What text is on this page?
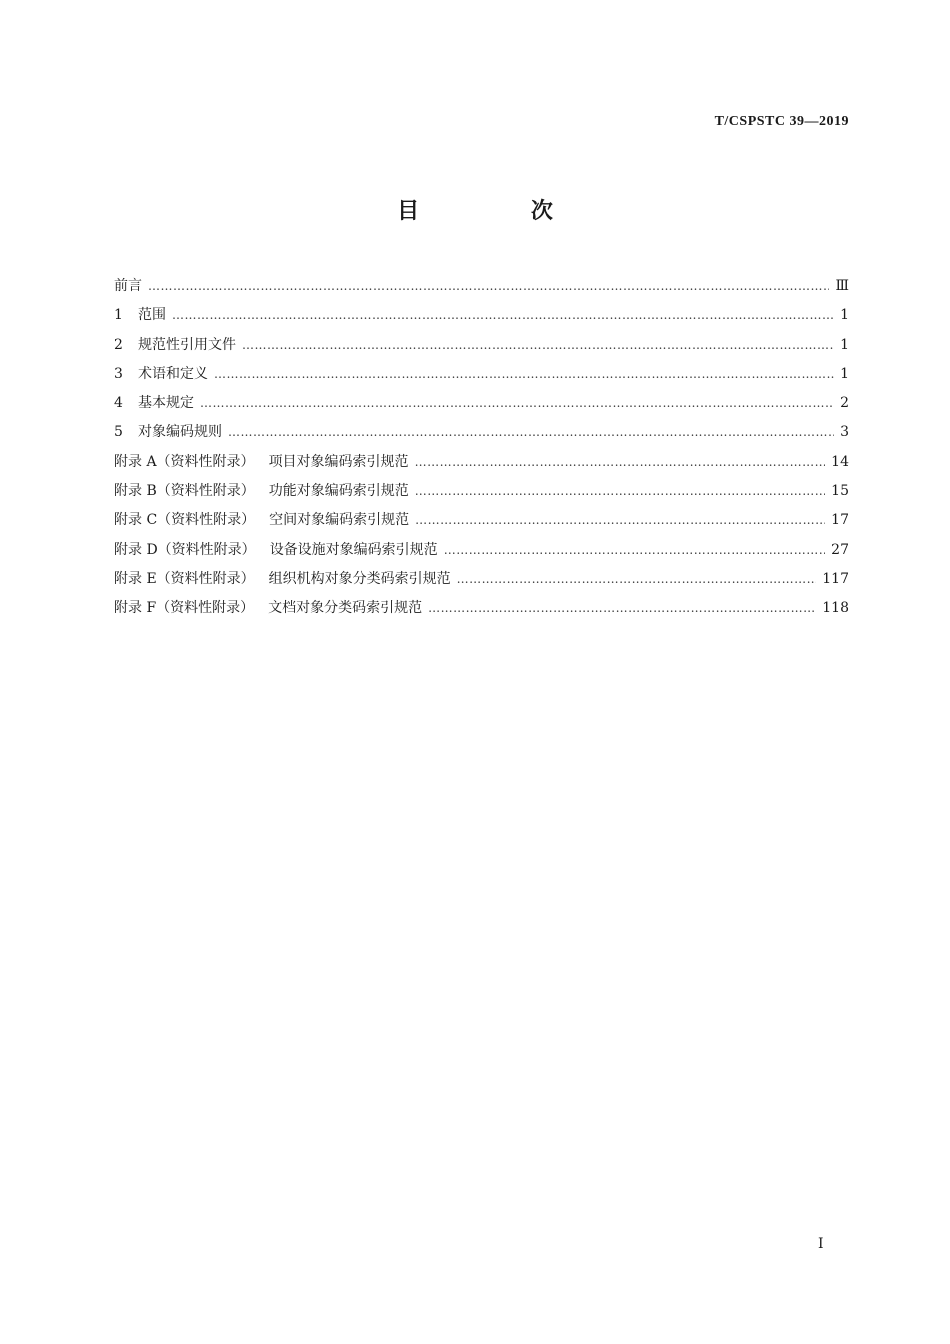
T/CSPSTC 39—2019
目 次
前言 ……………………………………………………………………………………………………………………………………………………………………………………………………………………	Ⅲ
1	范围 ……………………………………………………………………………………………………………………………………………………………………………………………………………………	1
2	规范性引用文件 ……………………………………………………………………………………………………………………………………………………………………………………………………………………	1
3	术语和定义 ……………………………………………………………………………………………………………………………………………………………………………………………………………………	1
4	基本规定 ……………………………………………………………………………………………………………………………………………………………………………………………………………………	2
5	对象编码规则 ……………………………………………………………………………………………………………………………………………………………………………………………………………………	3
附录 A（资料性附录） 项目对象编码索引规范 ……………………………………………………………………………………………………………………………………………………………………………………………………………………	14
附录 B（资料性附录） 功能对象编码索引规范 ……………………………………………………………………………………………………………………………………………………………………………………………………………………	15
附录 C（资料性附录） 空间对象编码索引规范 ……………………………………………………………………………………………………………………………………………………………………………………………………………………	17
附录 D（资料性附录） 设备设施对象编码索引规范 ……………………………………………………………………………………………………………………………………………………………………………………………………………………	27
附录 E（资料性附录） 组织机构对象分类码索引规范 ……………………………………………………………………………………………………………………………………………………………………………………………………………………	117
附录 F（资料性附录） 文档对象分类码索引规范 ……………………………………………………………………………………………………………………………………………………………………………………………………………………	118
I
